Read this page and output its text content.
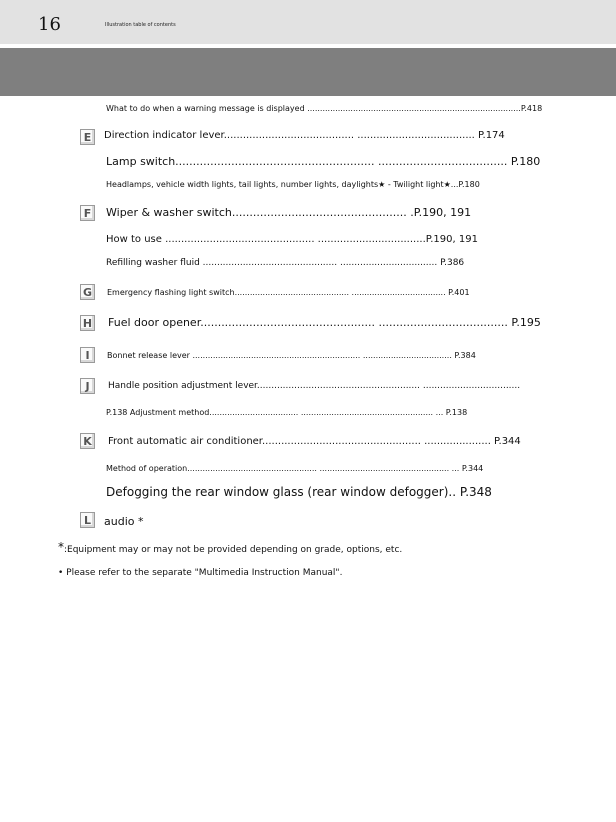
16	Illustration table of contents
What to do when a warning message is displayed ....................................................................................P.418
E	Direction indicator lever......................................... ..................................... P.174
Lamp switch......................................................... ..................................... P.180
Headlamps, vehicle width lights, tail lights, number lights, daylights★ - Twilight light★...P.180
F	Wiper & washer switch.................................................. .P.190, 191
How to use ............................................... ..................................P.190, 191
Refilling washer fluid ............................................... .................................. P.386
G	Emergency flashing light switch............................................. ..................................... P.401
H Fuel door opener.................................................. ..................................... P.195
I	Bonnet release lever .................................................................. ................................... P.384
J	Handle position adjustment lever......................................................... ..................................
P.138 Adjustment method................................... .................................................... ... P.138
K	Front automatic air conditioner.................................................. ..................... P.344
Method of operation................................................... ................................................... ... P.344
Defogging the rear window glass (rear window defogger).. P.348
L	audio *
*:Equipment may or may not be provided depending on grade, options, etc.
• Please refer to the separate "Multimedia Instruction Manual".
